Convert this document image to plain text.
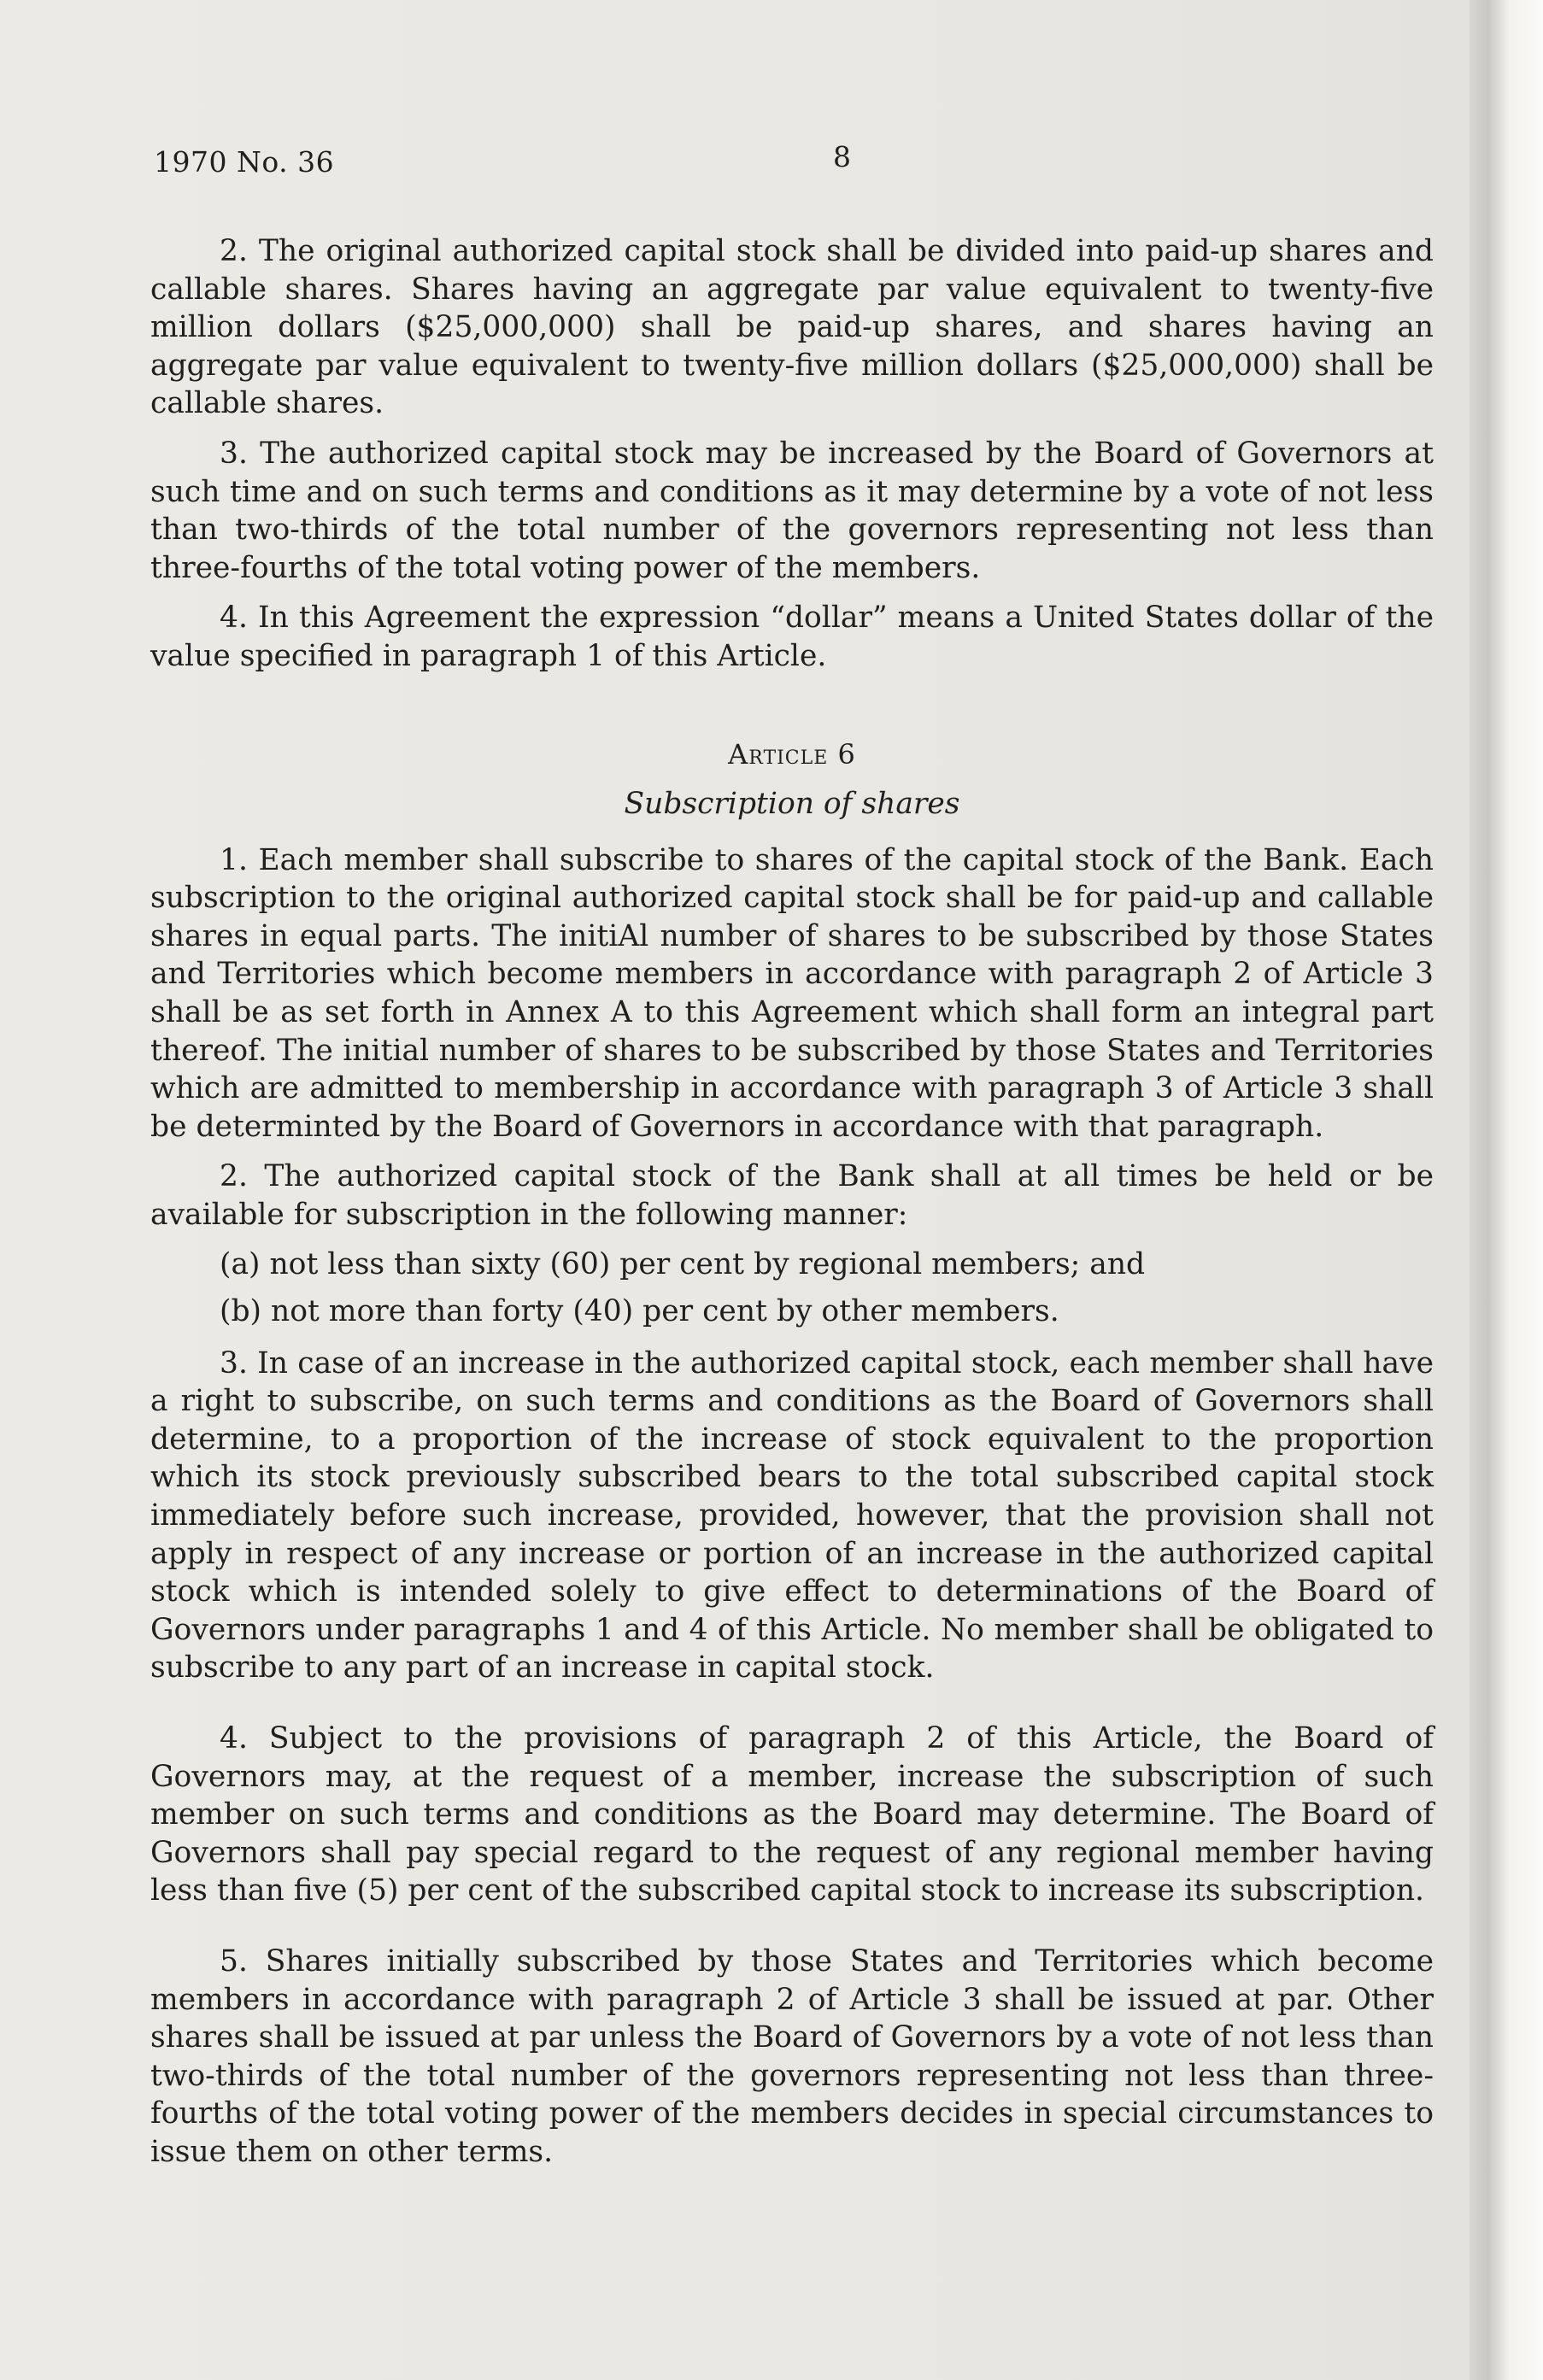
1970 No. 36	8

2. The original authorized capital stock shall be divided into paid-up shares and callable shares. Shares having an aggregate par value equivalent to twenty-five million dollars ($25,000,000) shall be paid-up shares, and shares having an aggregate par value equivalent to twenty-five million dollars ($25,000,000) shall be callable shares.

3. The authorized capital stock may be increased by the Board of Governors at such time and on such terms and conditions as it may determine by a vote of not less than two-thirds of the total number of the governors representing not less than three-fourths of the total voting power of the members.

4. In this Agreement the expression “dollar” means a United States dollar of the value specified in paragraph 1 of this Article.

Article 6
Subscription of shares

1. Each member shall subscribe to shares of the capital stock of the Bank. Each subscription to the original authorized capital stock shall be for paid-up and callable shares in equal parts. The initiAl number of shares to be subscribed by those States and Territories which become members in accordance with paragraph 2 of Article 3 shall be as set forth in Annex A to this Agreement which shall form an integral part thereof. The initial number of shares to be subscribed by those States and Territories which are admitted to membership in accordance with paragraph 3 of Article 3 shall be determinted by the Board of Governors in accordance with that paragraph.

2. The authorized capital stock of the Bank shall at all times be held or be available for subscription in the following manner:

(a) not less than sixty (60) per cent by regional members; and

(b) not more than forty (40) per cent by other members.

3. In case of an increase in the authorized capital stock, each member shall have a right to subscribe, on such terms and conditions as the Board of Governors shall determine, to a proportion of the increase of stock equivalent to the proportion which its stock previously subscribed bears to the total subscribed capital stock immediately before such increase, provided, however, that the provision shall not apply in respect of any increase or portion of an increase in the authorized capital stock which is intended solely to give effect to determinations of the Board of Governors under paragraphs 1 and 4 of this Article. No member shall be obligated to subscribe to any part of an increase in capital stock.

4. Subject to the provisions of paragraph 2 of this Article, the Board of Governors may, at the request of a member, increase the subscription of such member on such terms and conditions as the Board may determine. The Board of Governors shall pay special regard to the request of any regional member having less than five (5) per cent of the subscribed capital stock to increase its subscription.

5. Shares initially subscribed by those States and Territories which become members in accordance with paragraph 2 of Article 3 shall be issued at par. Other shares shall be issued at par unless the Board of Governors by a vote of not less than two-thirds of the total number of the governors representing not less than three-fourths of the total voting power of the members decides in special circumstances to issue them on other terms.
